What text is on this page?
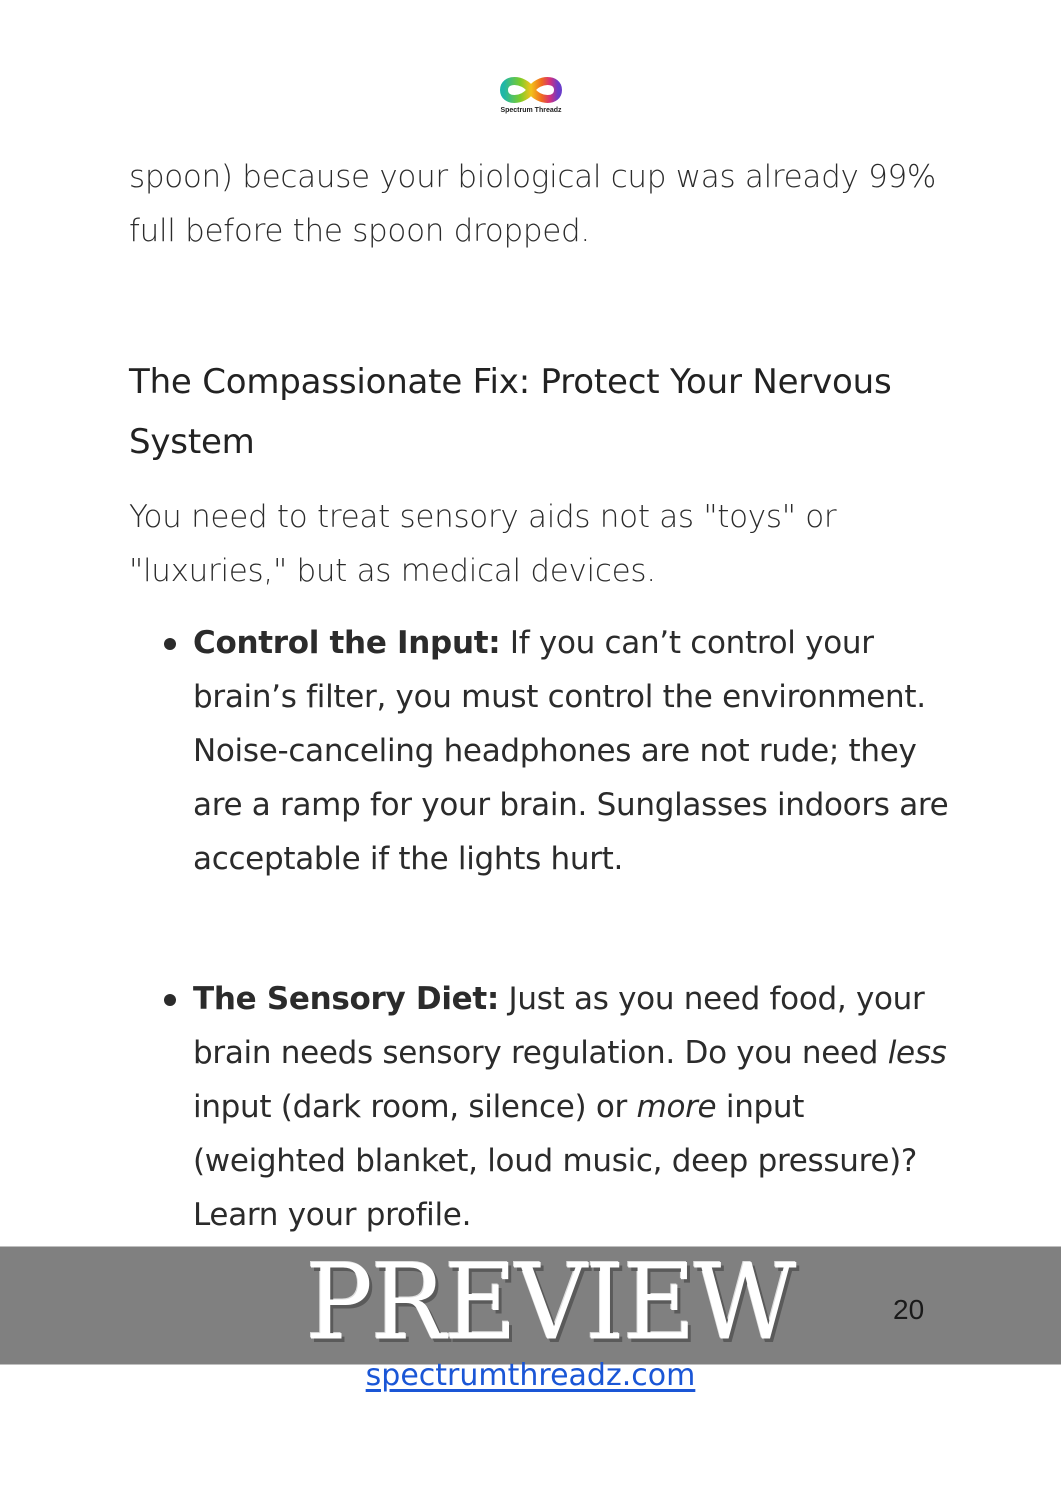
Spectrum Threadz
spoon) because your biological cup was already 99% full before the spoon dropped.
The Compassionate Fix: Protect Your Nervous System
You need to treat sensory aids not as "toys" or "luxuries," but as medical devices.
Control the Input: If you can’t control your brain’s filter, you must control the environment. Noise-canceling headphones are not rude; they are a ramp for your brain. Sunglasses indoors are acceptable if the lights hurt.
The Sensory Diet: Just as you need food, your brain needs sensory regulation. Do you need less input (dark room, silence) or more input (weighted blanket, loud music, deep pressure)? Learn your profile.
PREVIEW	20
spectrumthreadz.com
